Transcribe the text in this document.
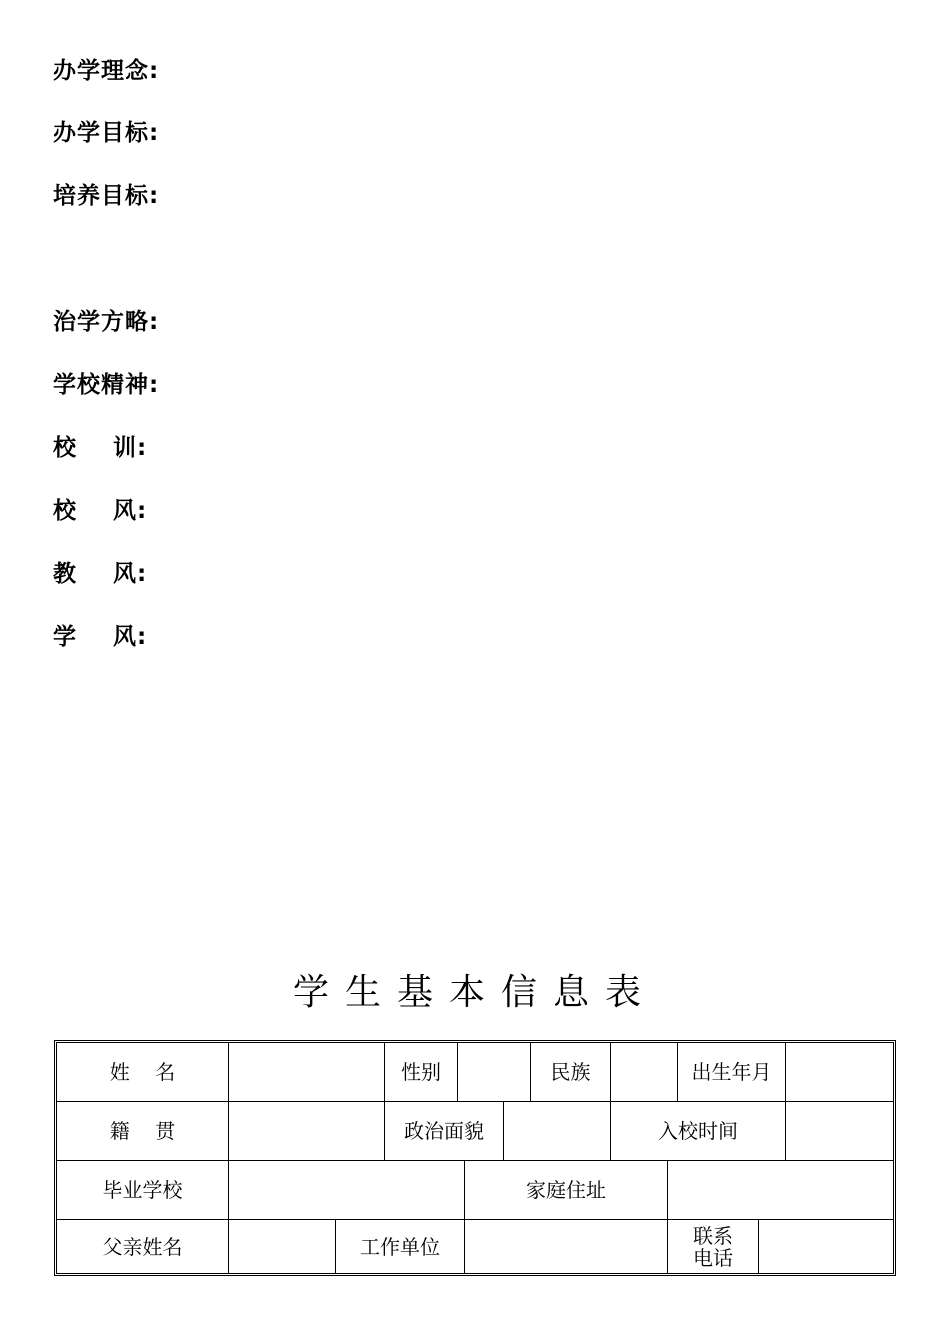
办学理念:
办学目标:
培养目标:
治学方略:
学校精神:
校    训:
校    风:
教    风:
学    风:
学生基本信息表
姓    名	性别	民族	出生年月
籍    贯	政治面貌	入校时间
毕业学校	家庭住址
父亲姓名	工作单位	联系
电话
